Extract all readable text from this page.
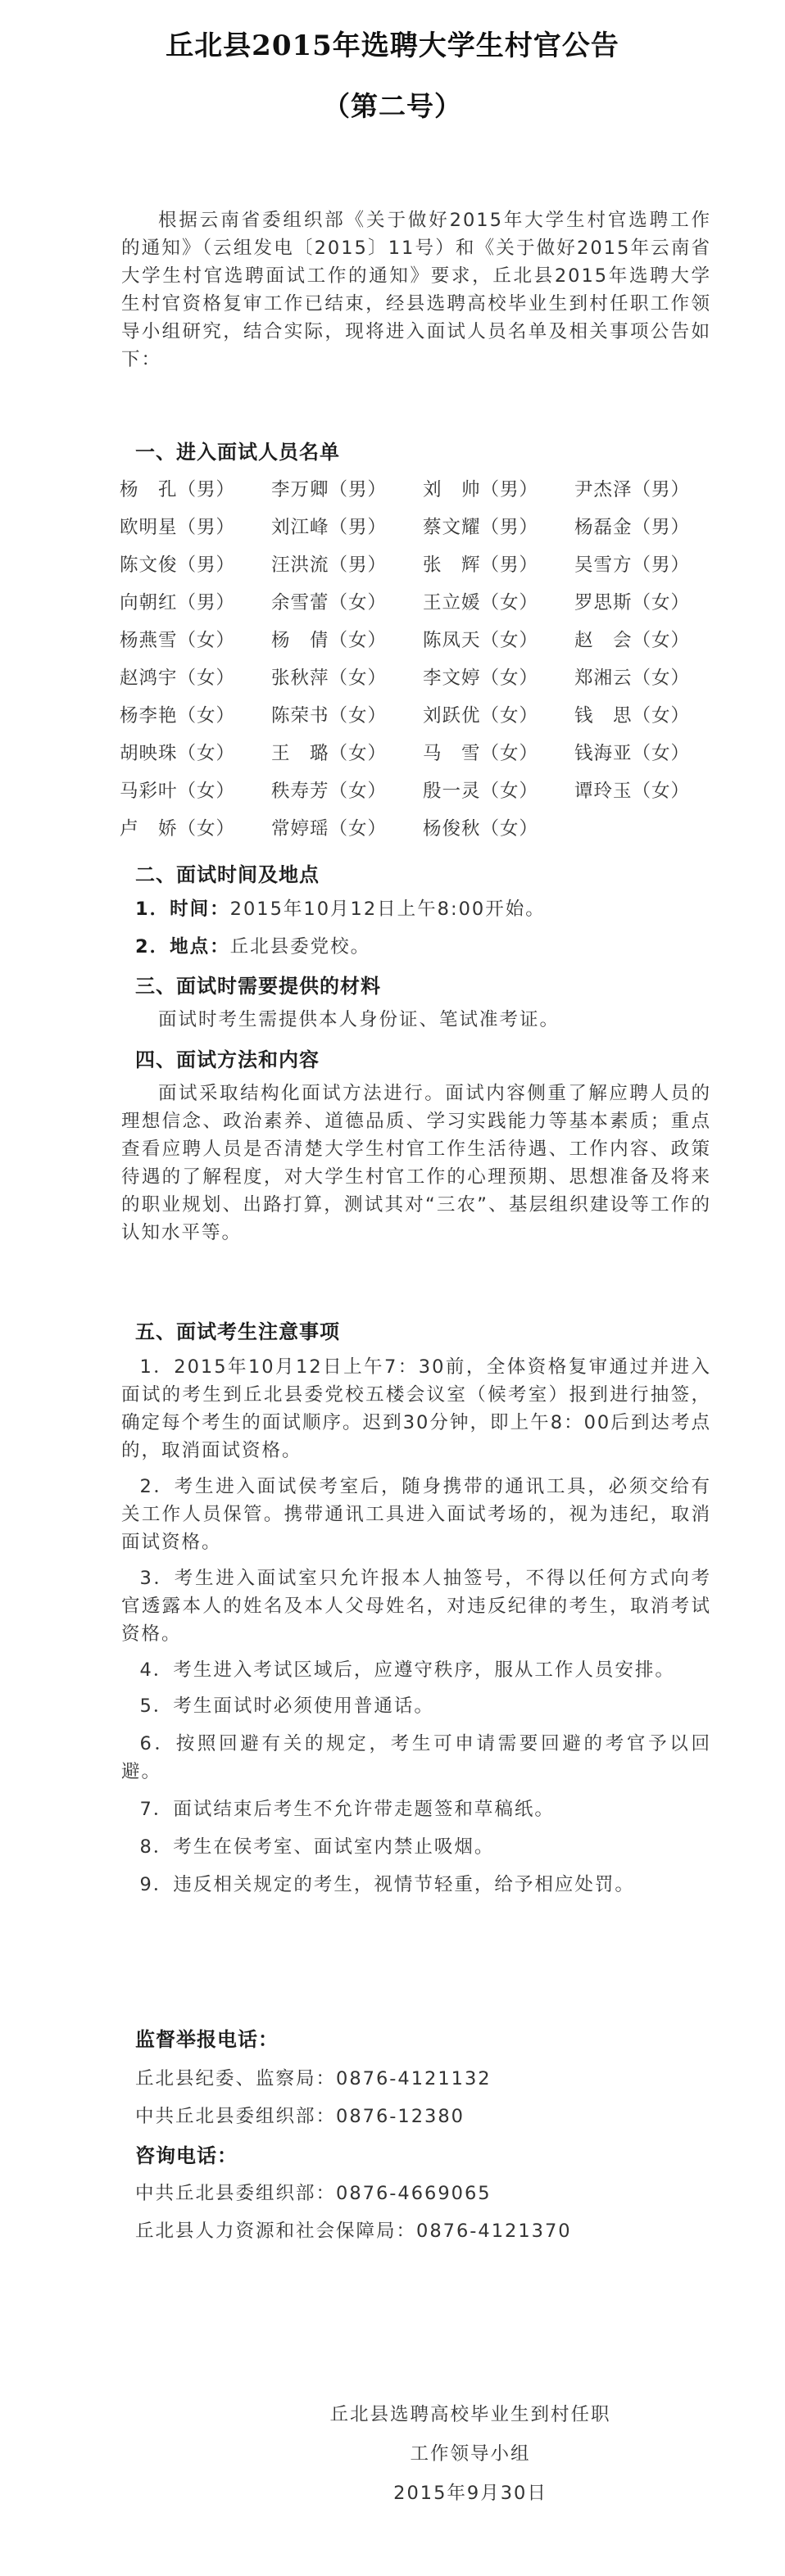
丘北县2015年选聘大学生村官公告
（第二号）
根据云南省委组织部《关于做好2015年大学生村官选聘工作的通知》（云组发电〔2015〕11号）和《关于做好2015年云南省大学生村官选聘面试工作的通知》要求，丘北县2015年选聘大学生村官资格复审工作已结束，经县选聘高校毕业生到村任职工作领导小组研究，结合实际，现将进入面试人员名单及相关事项公告如下：
一、进入面试人员名单
杨　孔（男）	李万卿（男）	刘　帅（男）	尹杰泽（男）
欧明星（男）	刘江峰（男）	蔡文耀（男）	杨磊金（男）
陈文俊（男）	汪洪流（男）	张　辉（男）	吴雪方（男）
向朝红（男）	余雪蕾（女）	王立媛（女）	罗思斯（女）
杨燕雪（女）	杨　倩（女）	陈凤天（女）	赵　会（女）
赵鸿宇（女）	张秋萍（女）	李文婷（女）	郑湘云（女）
杨李艳（女）	陈荣书（女）	刘跃优（女）	钱　思（女）
胡映珠（女）	王　璐（女）	马　雪（女）	钱海亚（女）
马彩叶（女）	秩寿芳（女）	殷一灵（女）	谭玲玉（女）
卢　娇（女）	常婷瑶（女）	杨俊秋（女）
二、面试时间及地点
1．时间：2015年10月12日上午8:00开始。
2．地点：丘北县委党校。
三、面试时需要提供的材料
面试时考生需提供本人身份证、笔试准考证。
四、面试方法和内容
面试采取结构化面试方法进行。面试内容侧重了解应聘人员的理想信念、政治素养、道德品质、学习实践能力等基本素质；重点查看应聘人员是否清楚大学生村官工作生活待遇、工作内容、政策待遇的了解程度，对大学生村官工作的心理预期、思想准备及将来的职业规划、出路打算，测试其对“三农”、基层组织建设等工作的认知水平等。
五、面试考生注意事项
1．2015年10月12日上午7：30前，全体资格复审通过并进入面试的考生到丘北县委党校五楼会议室（候考室）报到进行抽签，确定每个考生的面试顺序。迟到30分钟，即上午8：00后到达考点的，取消面试资格。
2．考生进入面试侯考室后，随身携带的通讯工具，必须交给有关工作人员保管。携带通讯工具进入面试考场的，视为违纪，取消面试资格。
3．考生进入面试室只允许报本人抽签号，不得以任何方式向考官透露本人的姓名及本人父母姓名，对违反纪律的考生，取消考试资格。
4．考生进入考试区域后，应遵守秩序，服从工作人员安排。
5．考生面试时必须使用普通话。
6．按照回避有关的规定，考生可申请需要回避的考官予以回避。
7．面试结束后考生不允许带走题签和草稿纸。
8．考生在侯考室、面试室内禁止吸烟。
9．违反相关规定的考生，视情节轻重，给予相应处罚。
监督举报电话：
丘北县纪委、监察局：0876-4121132
中共丘北县委组织部：0876-12380
咨询电话：
中共丘北县委组织部：0876-4669065
丘北县人力资源和社会保障局：0876-4121370
丘北县选聘高校毕业生到村任职
工作领导小组
2015年9月30日
